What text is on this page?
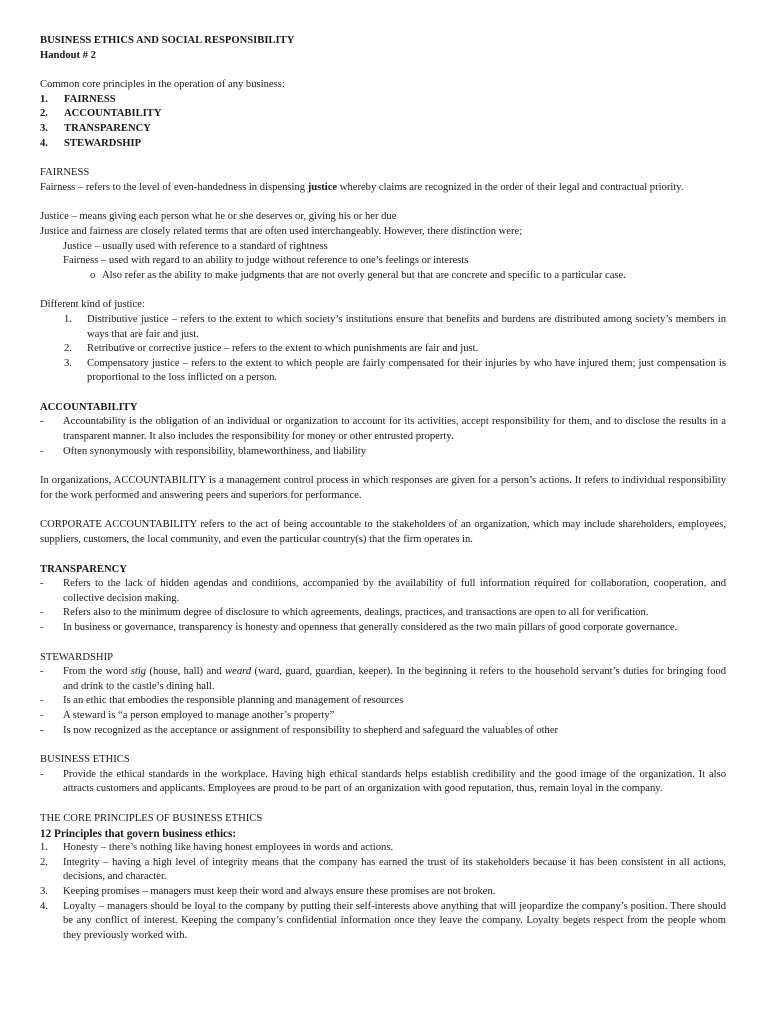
BUSINESS ETHICS AND SOCIAL RESPONSIBILITY

Handout # 2

Common core principles in the operation of any business:

1.	FAIRNESS
2.	ACCOUNTABILITY
3.	TRANSPARENCY
4.	STEWARDSHIP

FAIRNESS

Fairness – refers to the level of even-handedness in dispensing justice whereby claims are recognized in the order of their legal and contractual priority.

Justice – means giving each person what he or she deserves or, giving his or her due

Justice and fairness are closely related terms that are often used interchangeably. However, there distinction were;

Justice – usually used with reference to a standard of rightness

Fairness – used with regard to an ability to judge without reference to one’s feelings or interests

o Also refer as the ability to make judgments that are not overly general but that are concrete and specific to a particular case.

Different kind of justice:

1.	Distributive justice – refers to the extent to which society’s institutions ensure that benefits and burdens are distributed among society’s members in ways that are fair and just.
2.	Retributive or corrective justice – refers to the extent to which punishments are fair and just.
3.	Compensatory justice – refers to the extent to which people are fairly compensated for their injuries by who have injured them; just compensation is proportional to the loss inflicted on a person.

ACCOUNTABILITY

-	Accountability is the obligation of an individual or organization to account for its activities, accept responsibility for them, and to disclose the results in a transparent manner. It also includes the responsibility for money or other entrusted property.
-	Often synonymously with responsibility, blameworthiness, and liability

In organizations, ACCOUNTABILITY is a management control process in which responses are given for a person’s actions. It refers to individual responsibility for the work performed and answering peers and superiors for performance.

CORPORATE ACCOUNTABILITY refers to the act of being accountable to the stakeholders of an organization, which may include shareholders, employees, suppliers, customers, the local community, and even the particular country(s) that the firm operates in.

TRANSPARENCY

-	Refers to the lack of hidden agendas and conditions, accompanied by the availability of full information required for collaboration, cooperation, and collective decision making.
-	Refers also to the minimum degree of disclosure to which agreements, dealings, practices, and transactions are open to all for verification.
-	In business or governance, transparency is honesty and openness that generally considered as the two main pillars of good corporate governance.

STEWARDSHIP

-	From the word stig (house, hall) and weard (ward, guard, guardian, keeper). In the beginning it refers to the household servant’s duties for bringing food and drink to the castle’s dining hall.
-	Is an ethic that embodies the responsible planning and management of resources
-	A steward is “a person employed to manage another’s property”
-	Is now recognized as the acceptance or assignment of responsibility to shepherd and safeguard the valuables of other

BUSINESS ETHICS

-	Provide the ethical standards in the workplace. Having high ethical standards helps establish credibility and the good image of the organization. It also attracts customers and applicants. Employees are proud to be part of an organization with good reputation, thus, remain loyal in the company.

THE CORE PRINCIPLES OF BUSINESS ETHICS

12 Principles that govern business ethics:

1.	Honesty – there’s nothing like having honest employees in words and actions.
2.	Integrity – having a high level of integrity means that the company has earned the trust of its stakeholders because it has been consistent in all actions, decisions, and character.
3.	Keeping promises – managers must keep their word and always ensure these promises are not broken.
4.	Loyalty – managers should be loyal to the company by putting their self-interests above anything that will jeopardize the company’s position. There should be any conflict of interest. Keeping the company’s confidential information once they leave the company. Loyalty begets respect from the people whom they previously worked with.
